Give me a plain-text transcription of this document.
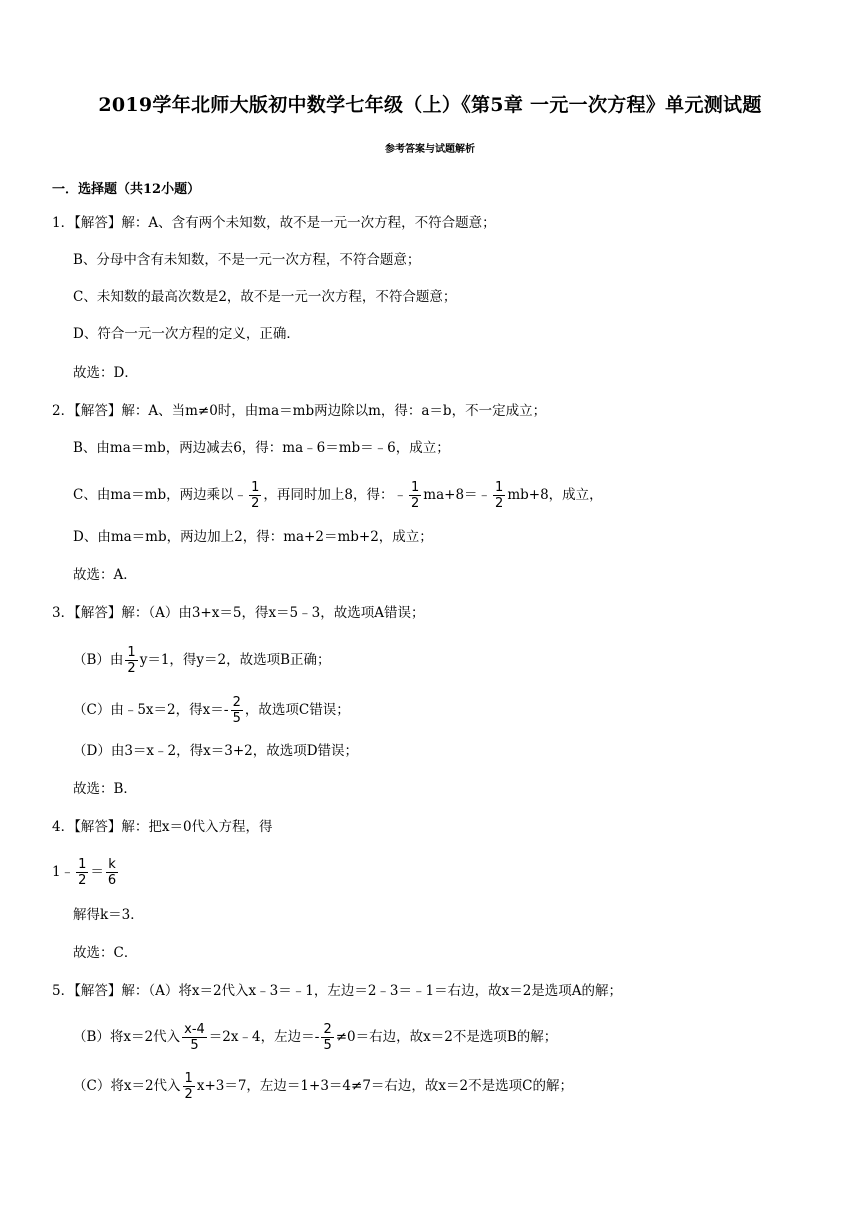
2019学年北师大版初中数学七年级（上）《第5章 一元一次方程》单元测试题
参考答案与试题解析
一．选择题（共12小题）
1．【解答】解：A、含有两个未知数，故不是一元一次方程，不符合题意；
B、分母中含有未知数，不是一元一次方程，不符合题意；
C、未知数的最高次数是2，故不是一元一次方程，不符合题意；
D、符合一元一次方程的定义，正确．
故选：D．
2．【解答】解：A、当m≠0时，由ma＝mb两边除以m，得：a＝b，不一定成立；
B、由ma＝mb，两边减去6，得：ma﹣6＝mb＝﹣6，成立；
C、由ma＝mb，两边乘以﹣ $\frac{1}{2}$ ，再同时加上8，得：﹣ $\frac{1}{2}$ ma+8＝﹣ $\frac{1}{2} mb+8$，成立，
D、由ma＝mb，两边加上2，得：ma+2＝mb+2，成立；
故选：A．
3．【解答】解：（A）由3+x＝5，得x＝5﹣3，故选项A错误；
（B）由 $\frac{1}{2} y=1$，得y＝2，故选项B正确；
（C）由﹣5x＝2，得$x=- \frac{2}{5}$ ，故选项C错误；
（D）由3＝x﹣2，得x＝3+2，故选项D错误；
故选：B．
4．【解答】解：把x＝0代入方程，得
1﹣ $\frac{1}{2} = \frac{k}{6}$
解得k＝3．
故选：C．
5．【解答】解：（A）将x＝2代入x﹣3＝﹣1，左边＝2﹣3＝﹣1＝右边，故x＝2是选项A的解；
（B）将x＝2代入 $\frac{x-4}{5}$ ＝2x﹣4，左边＝- $\frac{2}{5} \ne 0=$右边，故x＝2不是选项B的解；
（C）将x＝2代入 $\frac{1}{2} x+3=7$，左边＝1+3＝4≠7＝右边，故x＝2不是选项C的解；
